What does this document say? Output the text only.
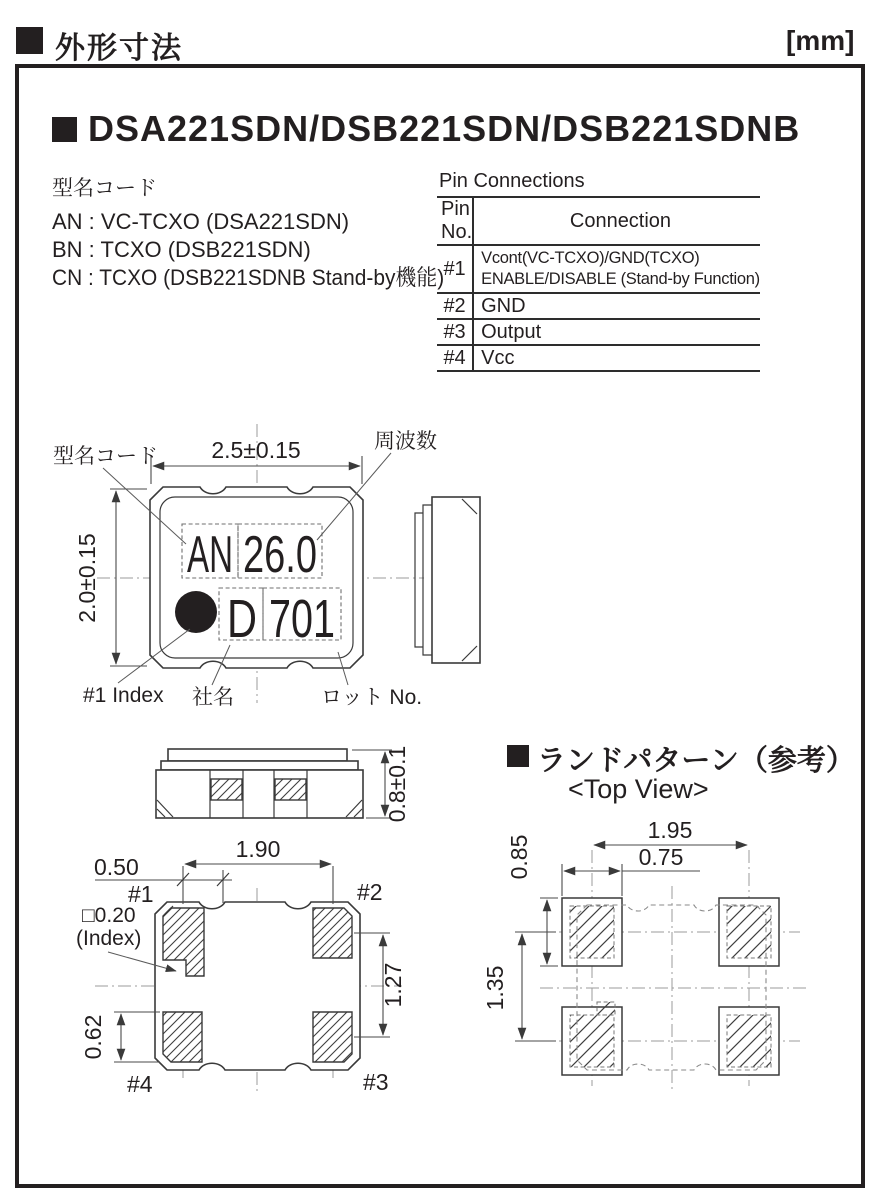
外形寸法	[mm]
DSA221SDN/DSB221SDN/DSB221SDNB
型名コード
AN : VC-TCXO (DSA221SDN)
BN : TCXO (DSB221SDN)
CN : TCXO (DSB221SDNB Stand-by機能)
Pin Connections
Pin No.	Connection
#1	Vcont(VC-TCXO)/GND(TCXO)
ENABLE/DISABLE (Stand-by Function)

#2	GND
#3	Output
#4	Vcc
ランドパターン（参考）
<Top View>
AN 26.0
D 701
2.5±0.15
2.0±0.15
型名コード
周波数
#1 Index 社名	ロット No.
0.8±0.1
1.90
0.50
1.27
0.62
#1	#2
#3
#4
□0.20
(Index)
1.95
0.75
0.85
1.35
